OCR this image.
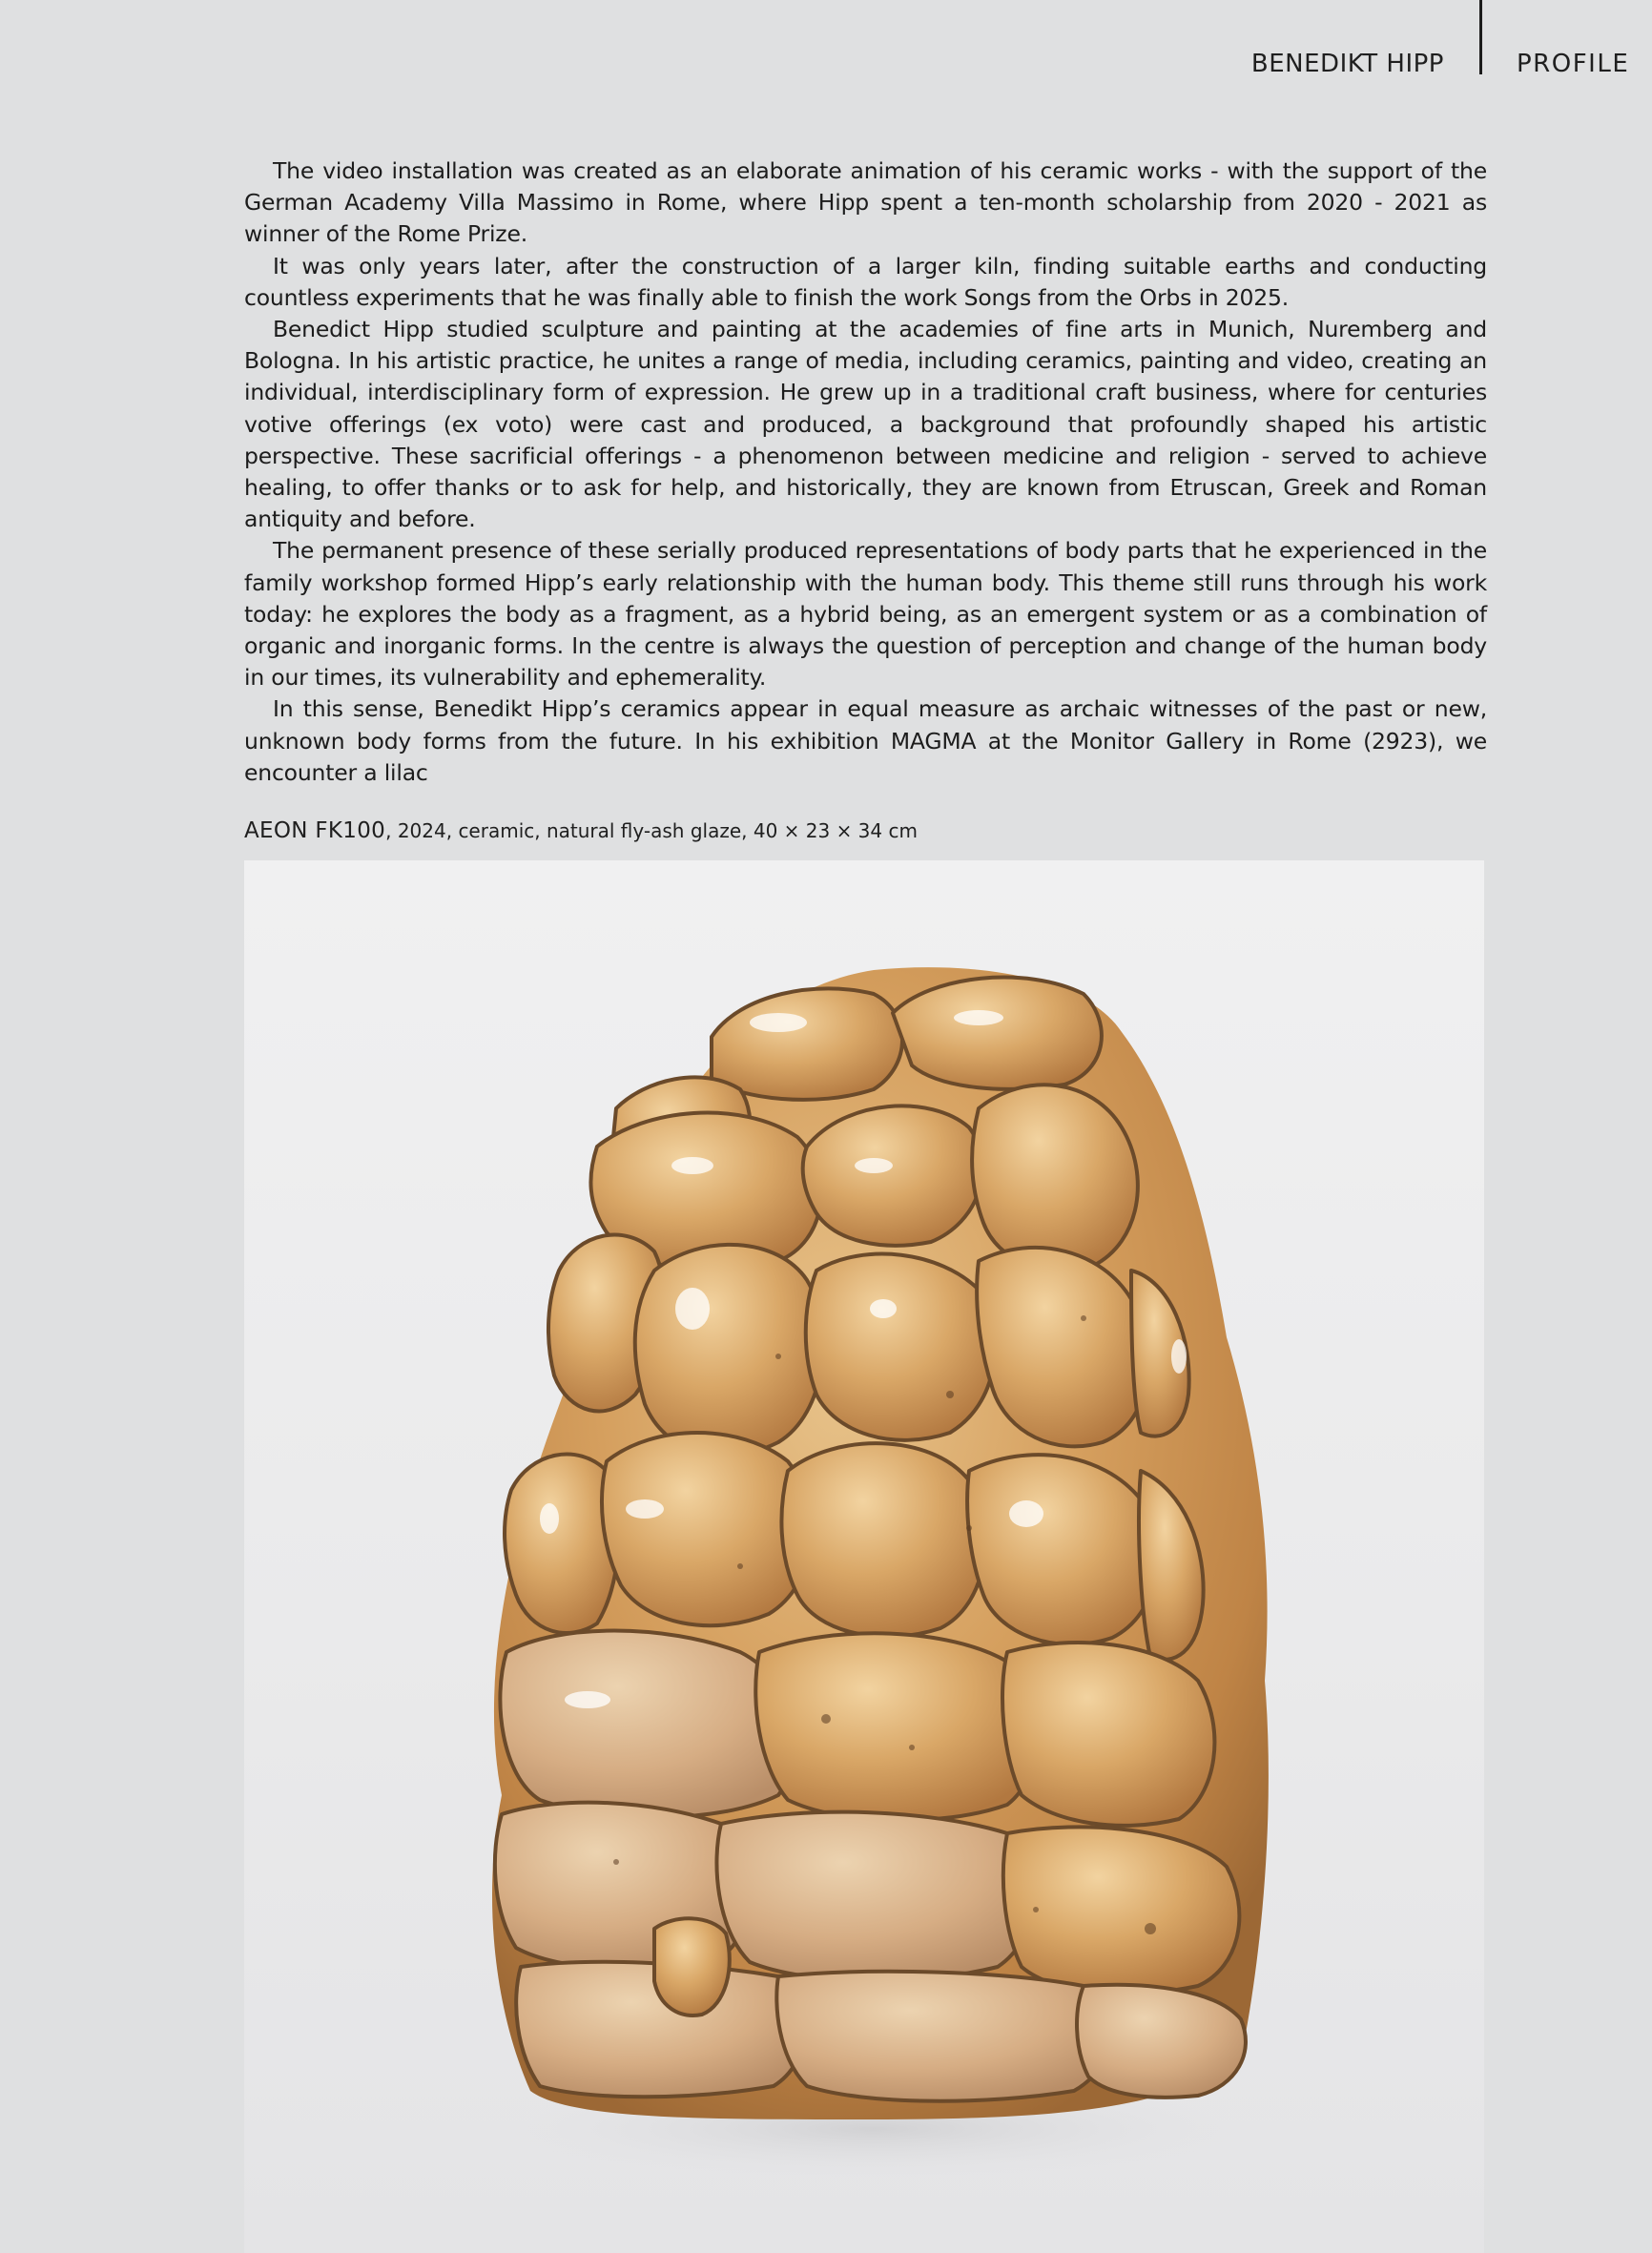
BENEDIKT HIPP	PROFILE

The video installation was created as an elaborate animation of his ceramic works - with the support of the German Academy Villa Massimo in Rome, where Hipp spent a ten-month scholarship from 2020 - 2021 as winner of the Rome Prize.

It was only years later, after the construction of a larger kiln, finding suitable earths and conducting countless experiments that he was finally able to finish the work Songs from the Orbs in 2025.

Benedict Hipp studied sculpture and painting at the academies of fine arts in Munich, Nuremberg and Bologna. In his artistic practice, he unites a range of media, including ceramics, painting and video, creating an individual, interdisciplinary form of expression. He grew up in a traditional craft business, where for centuries votive offerings (ex voto) were cast and produced, a background that profoundly shaped his artistic perspective. These sacrificial offerings - a phenomenon between medicine and religion - served to achieve healing, to offer thanks or to ask for help, and historically, they are known from Etruscan, Greek and Roman antiquity and before.

The permanent presence of these serially produced representations of body parts that he experienced in the family workshop formed Hipp’s early relationship with the human body. This theme still runs through his work today: he explores the body as a fragment, as a hybrid being, as an emergent system or as a combination of organic and inorganic forms. In the centre is always the question of perception and change of the human body in our times, its vulnerability and ephemerality.

In this sense, Benedikt Hipp’s ceramics appear in equal measure as archaic witnesses of the past or new, unknown body forms from the future. In his exhibition MAGMA at the Monitor Gallery in Rome (2923), we encounter a lilac

AEON FK100, 2024, ceramic, natural fly-ash glaze, 40 × 23 × 34 cm
